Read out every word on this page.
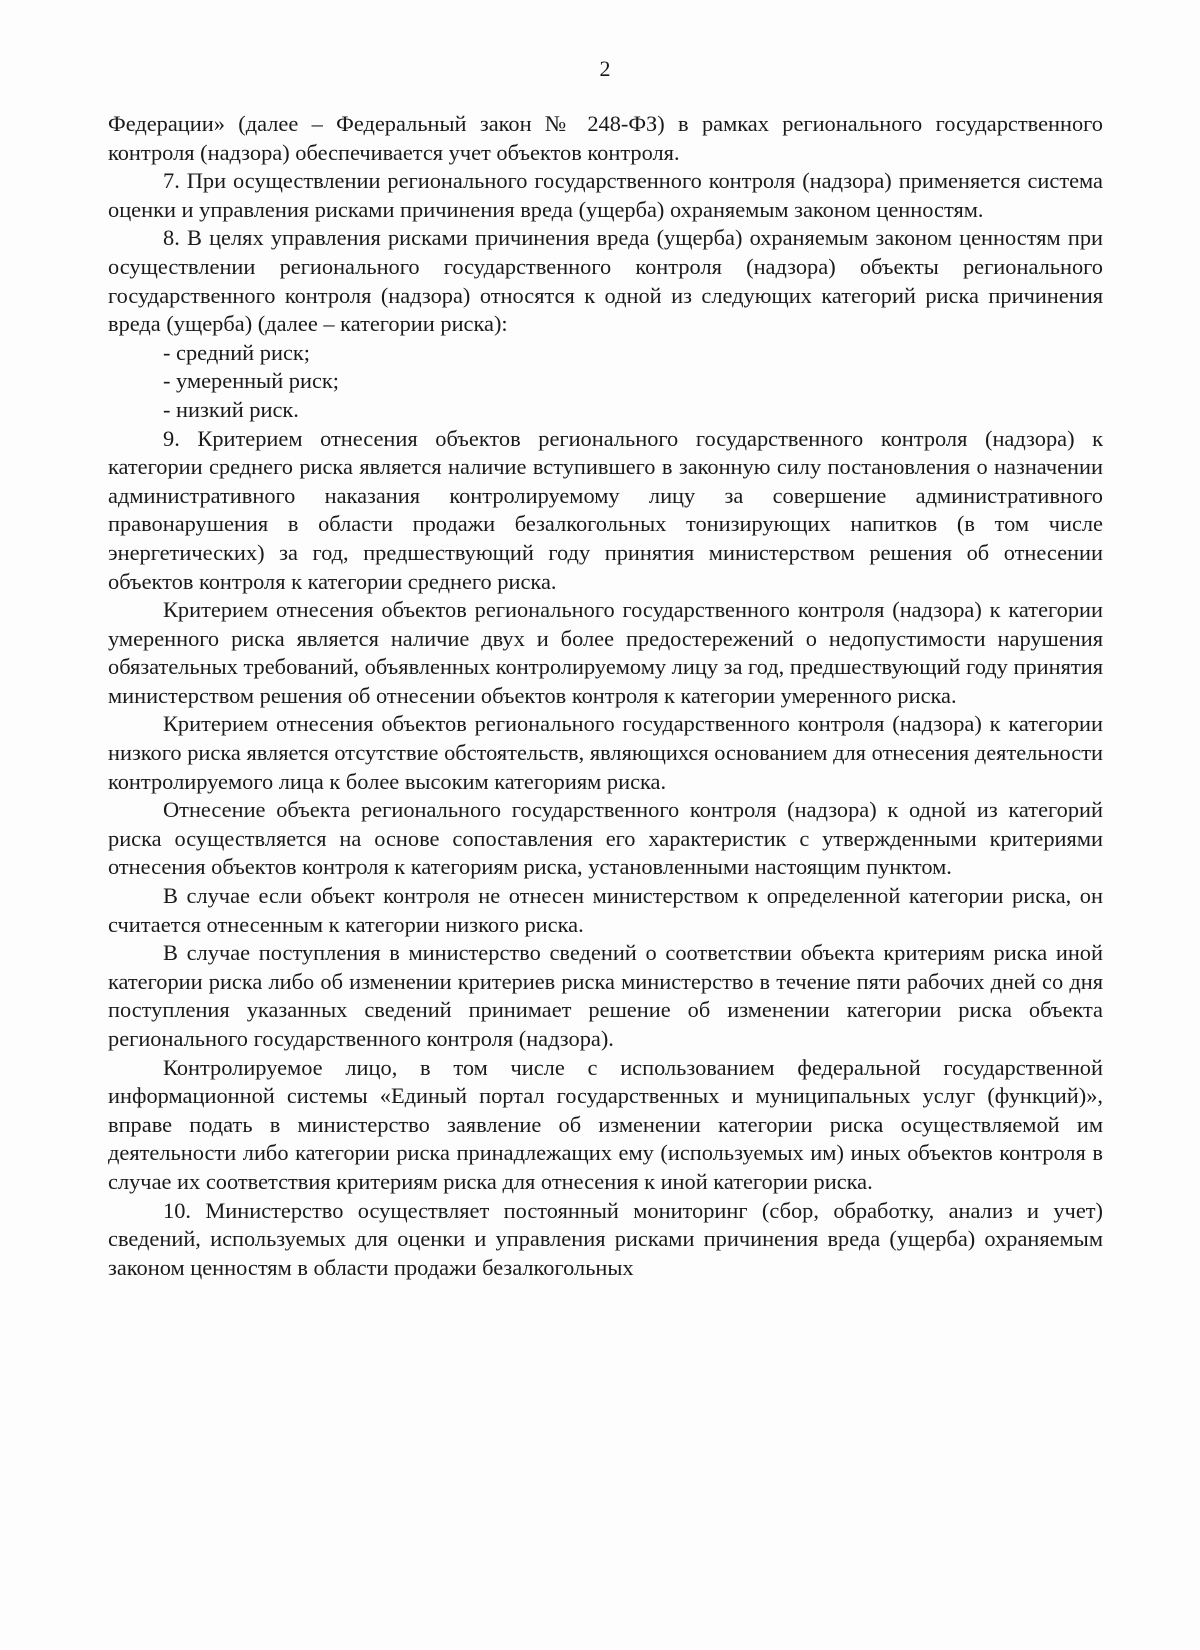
2

Федерации» (далее – Федеральный закон № 248-ФЗ) в рамках регионального государственного контроля (надзора) обеспечивается учет объектов контроля.

7. При осуществлении регионального государственного контроля (надзора) применяется система оценки и управления рисками причинения вреда (ущерба) охраняемым законом ценностям.

8. В целях управления рисками причинения вреда (ущерба) охраняемым законом ценностям при осуществлении регионального государственного контроля (надзора) объекты регионального государственного контроля (надзора) относятся к одной из следующих категорий риска причинения вреда (ущерба) (далее – категории риска):

- средний риск;

- умеренный риск;

- низкий риск.

9. Критерием отнесения объектов регионального государственного контроля (надзора) к категории среднего риска является наличие вступившего в законную силу постановления о назначении административного наказания контролируемому лицу за совершение административного правонарушения в области продажи безалкогольных тонизирующих напитков (в том числе энергетических) за год, предшествующий году принятия министерством решения об отнесении объектов контроля к категории среднего риска.

Критерием отнесения объектов регионального государственного контроля (надзора) к категории умеренного риска является наличие двух и более предостережений о недопустимости нарушения обязательных требований, объявленных контролируемому лицу за год, предшествующий году принятия министерством решения об отнесении объектов контроля к категории умеренного риска.

Критерием отнесения объектов регионального государственного контроля (надзора) к категории низкого риска является отсутствие обстоятельств, являющихся основанием для отнесения деятельности контролируемого лица к более высоким категориям риска.

Отнесение объекта регионального государственного контроля (надзора) к одной из категорий риска осуществляется на основе сопоставления его характеристик с утвержденными критериями отнесения объектов контроля к категориям риска, установленными настоящим пунктом.

В случае если объект контроля не отнесен министерством к определенной категории риска, он считается отнесенным к категории низкого риска.

В случае поступления в министерство сведений о соответствии объекта критериям риска иной категории риска либо об изменении критериев риска министерство в течение пяти рабочих дней со дня поступления указанных сведений принимает решение об изменении категории риска объекта регионального государственного контроля (надзора).

Контролируемое лицо, в том числе с использованием федеральной государственной информационной системы «Единый портал государственных и муниципальных услуг (функций)», вправе подать в министерство заявление об изменении категории риска осуществляемой им деятельности либо категории риска принадлежащих ему (используемых им) иных объектов контроля в случае их соответствия критериям риска для отнесения к иной категории риска.

10. Министерство осуществляет постоянный мониторинг (сбор, обработку, анализ и учет) сведений, используемых для оценки и управления рисками причинения вреда (ущерба) охраняемым законом ценностям в области продажи безалкогольных
